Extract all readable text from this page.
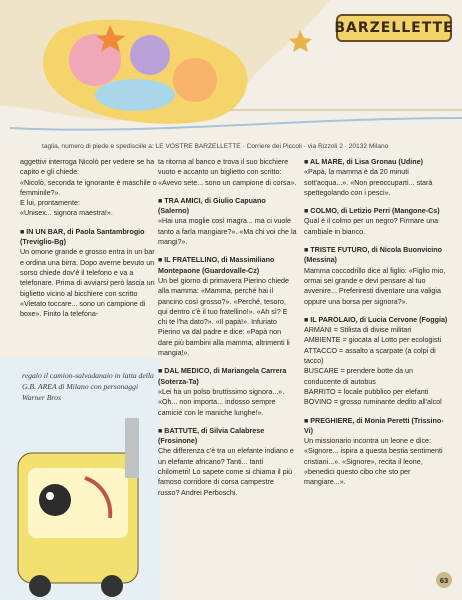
BARZELLETTE
taglia, numero di piede e spedisciile a: LE VOSTRE BARZELLETTE · Corriere dei Piccoli · via Rizzoli 2 · 20132 Milano

aggettivi interroga Nicolò per vedere se ha capito e gli chiede:

«Nicolò, seconda te ignorante è maschile o femminile?».

E lui, prontamente:

«Unisex... signora maestra!».

■ IN UN BAR, di Paola Santambrogio (Treviglio-Bg)

Un omone grande e grosso entra in un bar e ordina una birra. Dopo averne bevuto un sorso chiede dov'è il telefono e va a telefonare. Prima di avviarsi però lascia un biglietto vicino al bicchiere con scritto «Vietato toccare... sono un campione di boxe». Finito la telefona-

regalo il camion-salvadanaio in latta della G.B. AREA di Milano con personaggi Warner Bros

ta ritorna al banco e trova il suo bicchiere vuoto e accanto un biglietto con scritto: «Avevo sete... sono un campione di corsa».

■ TRA AMICI, di Giulio Capuano (Salerno)

«Hai una moglie così magra... ma ci vuole tanto a farla mangiare?». «Ma chi voi che la mangi?».

■ IL FRATELLINO, di Massimiliano Montepaone (Guardovalle-Cz)

Un bel giorno di primavera Pierino chiede alla mamma: «Mamma, perché hai il pancino così grosso?». «Perché, tesoro, qui dentro c'è il tuo fratellino!». «Ah sì? E chi te l'ha dato?». «Il papà!». Infuriato Pierino va dal padre e dice: «Papà non dare più bambini alla mamma, altrimenti li mangia!».

■ DAL MEDICO, di Mariangela Carrera (Soterza-Ta)

«Lei ha un polso bruttissimo signora...». «Oh... non importa... indosso sempre camicie con le maniche lunghe!».

■ BATTUTE, di Silvia Calabrese (Frosinone)

Che differenza c'è tra un elefante indiano e un elefante africano? Tanti... tanti chilometri! Lo sapete come si chiama il più famoso corridore di corsa campestre russo? Andrei Perboschi.

■ AL MARE, di Lisa Gronau (Udine)

«Papà, la mamma è da 20 minuti sott'acqua...». «Non preoccuparti... starà spettegolando con i pesci».

■ COLMO, di Letizio Perri (Mangone-Cs)

Qual è il colmo per un negro? Firmare una cambiale in bianco.

■ TRISTE FUTURO, di Nicola Buonvicino (Messina)

Mamma coccodrillo dice al figlio: «Figlio mio, ormai sei grande e devi pensare al tuo avvenire... Preferiresti diventare una valigia oppure una borsa per signora?».

■ IL PAROLAIO, di Lucia Cervone (Foggia)

ARMANI = Stilista di divise militari

AMBIENTE = giocata al Lotto per ecologisti

ATTACCO = assalto a scarpate (a colpi di tacco)

BUSCARE = prendere botte da un conducente di autobus

BARRITO = locale pubblico per elefanti

BOVINO = grosso ruminante dedito all'alcol

■ PREGHIERE, di Monia Peretti (Trissino-Vi)

Un missionario incontra un leone e dice: «Signore... ispira a questa bestia sentimenti cristiani...». «Signore», recita il leone, «benedici questo cibo che sto per mangiare...».

63
